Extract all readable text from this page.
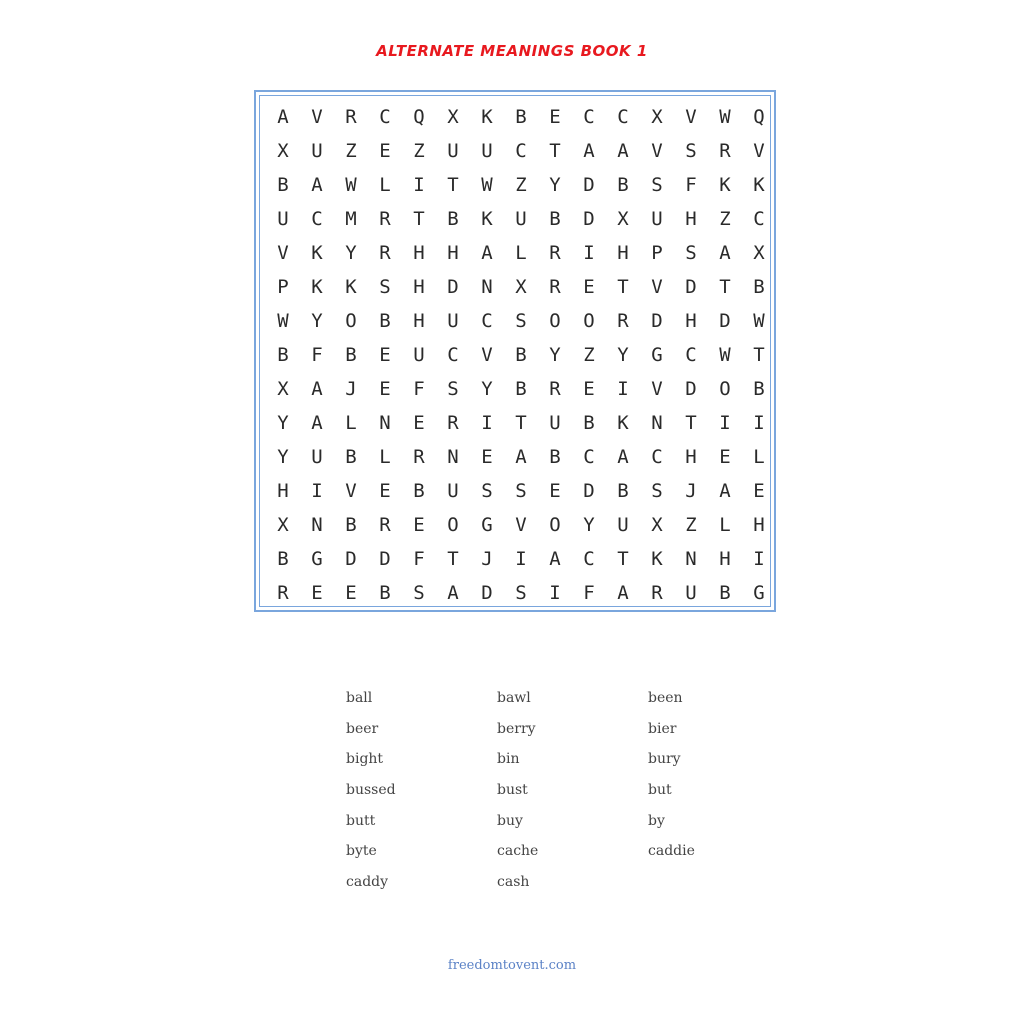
ALTERNATE MEANINGS BOOK 1
A	V	R	C	Q	X	K	B	E	C	C	X	V	W	Q
X	U	Z	E	Z	U	U	C	T	A	A	V	S	R	V
B	A	W	L	I	T	W	Z	Y	D	B	S	F	K	K
U	C	M	R	T	B	K	U	B	D	X	U	H	Z	C
V	K	Y	R	H	H	A	L	R	I	H	P	S	A	X
P	K	K	S	H	D	N	X	R	E	T	V	D	T	B
W	Y	O	B	H	U	C	S	O	O	R	D	H	D	W
B	F	B	E	U	C	V	B	Y	Z	Y	G	C	W	T
X	A	J	E	F	S	Y	B	R	E	I	V	D	O	B
Y	A	L	N	E	R	I	T	U	B	K	N	T	I	I
Y	U	B	L	R	N	E	A	B	C	A	C	H	E	L
H	I	V	E	B	U	S	S	E	D	B	S	J	A	E
X	N	B	R	E	O	G	V	O	Y	U	X	Z	L	H
B	G	D	D	F	T	J	I	A	C	T	K	N	H	I
R	E	E	B	S	A	D	S	I	F	A	R	U	B	G
ball
beer
bight
bussed
butt
byte
caddy
bawl
berry
bin
bust
buy
cache
cash
been
bier
bury
but
by
caddie
freedomtovent.com
